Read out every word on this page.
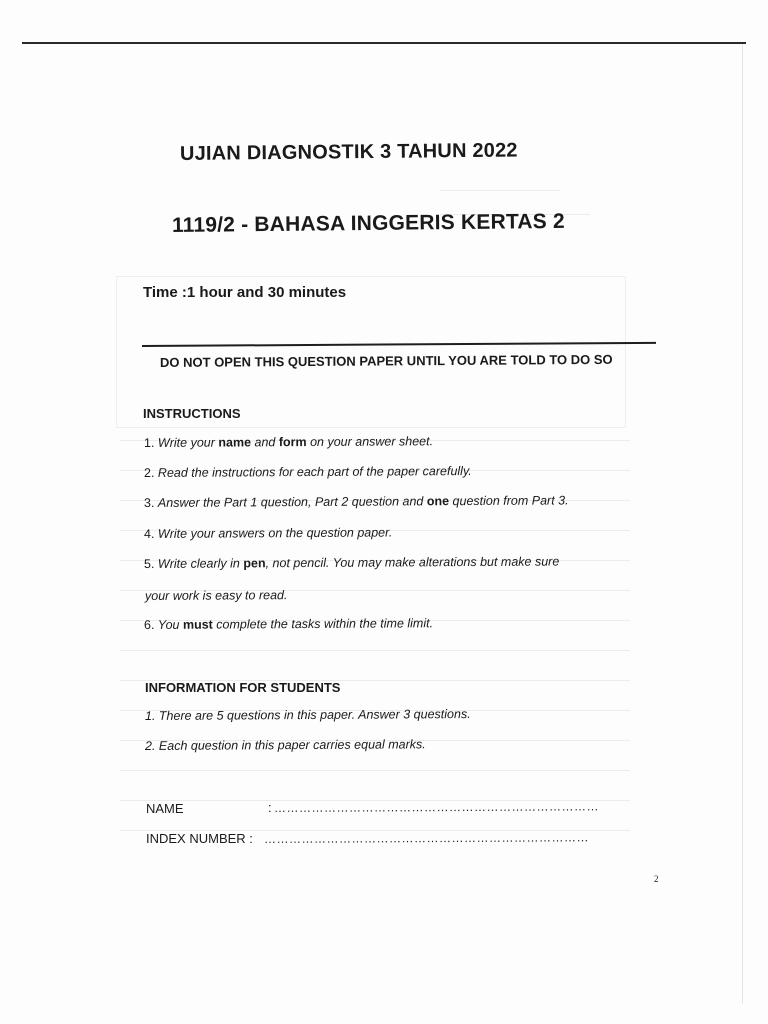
UJIAN DIAGNOSTIK 3 TAHUN 2022
1119/2 - BAHASA INGGERIS KERTAS 2
Time :1 hour and 30 minutes
DO NOT OPEN THIS QUESTION PAPER UNTIL YOU ARE TOLD TO DO SO
INSTRUCTIONS
1. Write your name and form on your answer sheet.
2. Read the instructions for each part of the paper carefully.
3. Answer the Part 1 question, Part 2 question and one question from Part 3.
4. Write your answers on the question paper.
5. Write clearly in pen, not pencil. You may make alterations but make sure
your work is easy to read.
6. You must complete the tasks within the time limit.
INFORMATION FOR STUDENTS
1. There are 5 questions in this paper. Answer 3 questions.
2. Each question in this paper carries equal marks.
NAME	: ……………………………………………………………………
INDEX NUMBER : ……………………………………………………………………
2
